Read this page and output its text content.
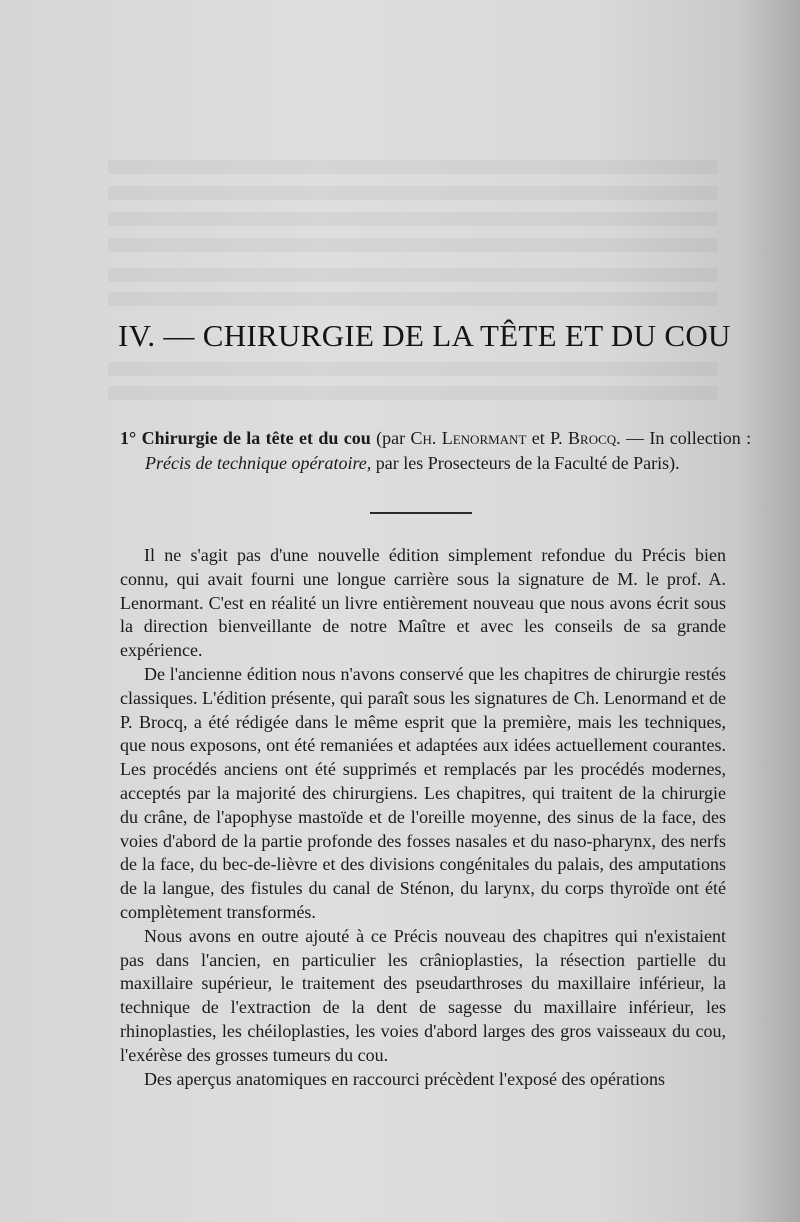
IV. — CHIRURGIE DE LA TÊTE ET DU COU

1° Chirurgie de la tête et du cou (par Ch. Lenormant et P. Brocq. — In collection : Précis de technique opératoire, par les Prosecteurs de la Faculté de Paris).

Il ne s'agit pas d'une nouvelle édition simplement refondue du Précis bien connu, qui avait fourni une longue carrière sous la signature de M. le prof. A. Lenormant. C'est en réalité un livre entièrement nouveau que nous avons écrit sous la direction bienveillante de notre Maître et avec les conseils de sa grande expérience.

De l'ancienne édition nous n'avons conservé que les chapitres de chirurgie restés classiques. L'édition présente, qui paraît sous les signatures de Ch. Lenormand et de P. Brocq, a été rédigée dans le même esprit que la première, mais les techniques, que nous exposons, ont été remaniées et adaptées aux idées actuellement courantes. Les procédés anciens ont été supprimés et remplacés par les procédés modernes, acceptés par la majorité des chirurgiens. Les chapitres, qui traitent de la chirurgie du crâne, de l'apophyse mastoïde et de l'oreille moyenne, des sinus de la face, des voies d'abord de la partie profonde des fosses nasales et du naso-pharynx, des nerfs de la face, du bec-de-lièvre et des divisions congénitales du palais, des amputations de la langue, des fistules du canal de Sténon, du larynx, du corps thyroïde ont été complètement transformés.

Nous avons en outre ajouté à ce Précis nouveau des chapitres qui n'existaient pas dans l'ancien, en particulier les crânioplasties, la résection partielle du maxillaire supérieur, le traitement des pseudarthroses du maxillaire inférieur, la technique de l'extraction de la dent de sagesse du maxillaire inférieur, les rhinoplasties, les chéiloplasties, les voies d'abord larges des gros vaisseaux du cou, l'exérèse des grosses tumeurs du cou.

Des aperçus anatomiques en raccourci précèdent l'exposé des opérations
